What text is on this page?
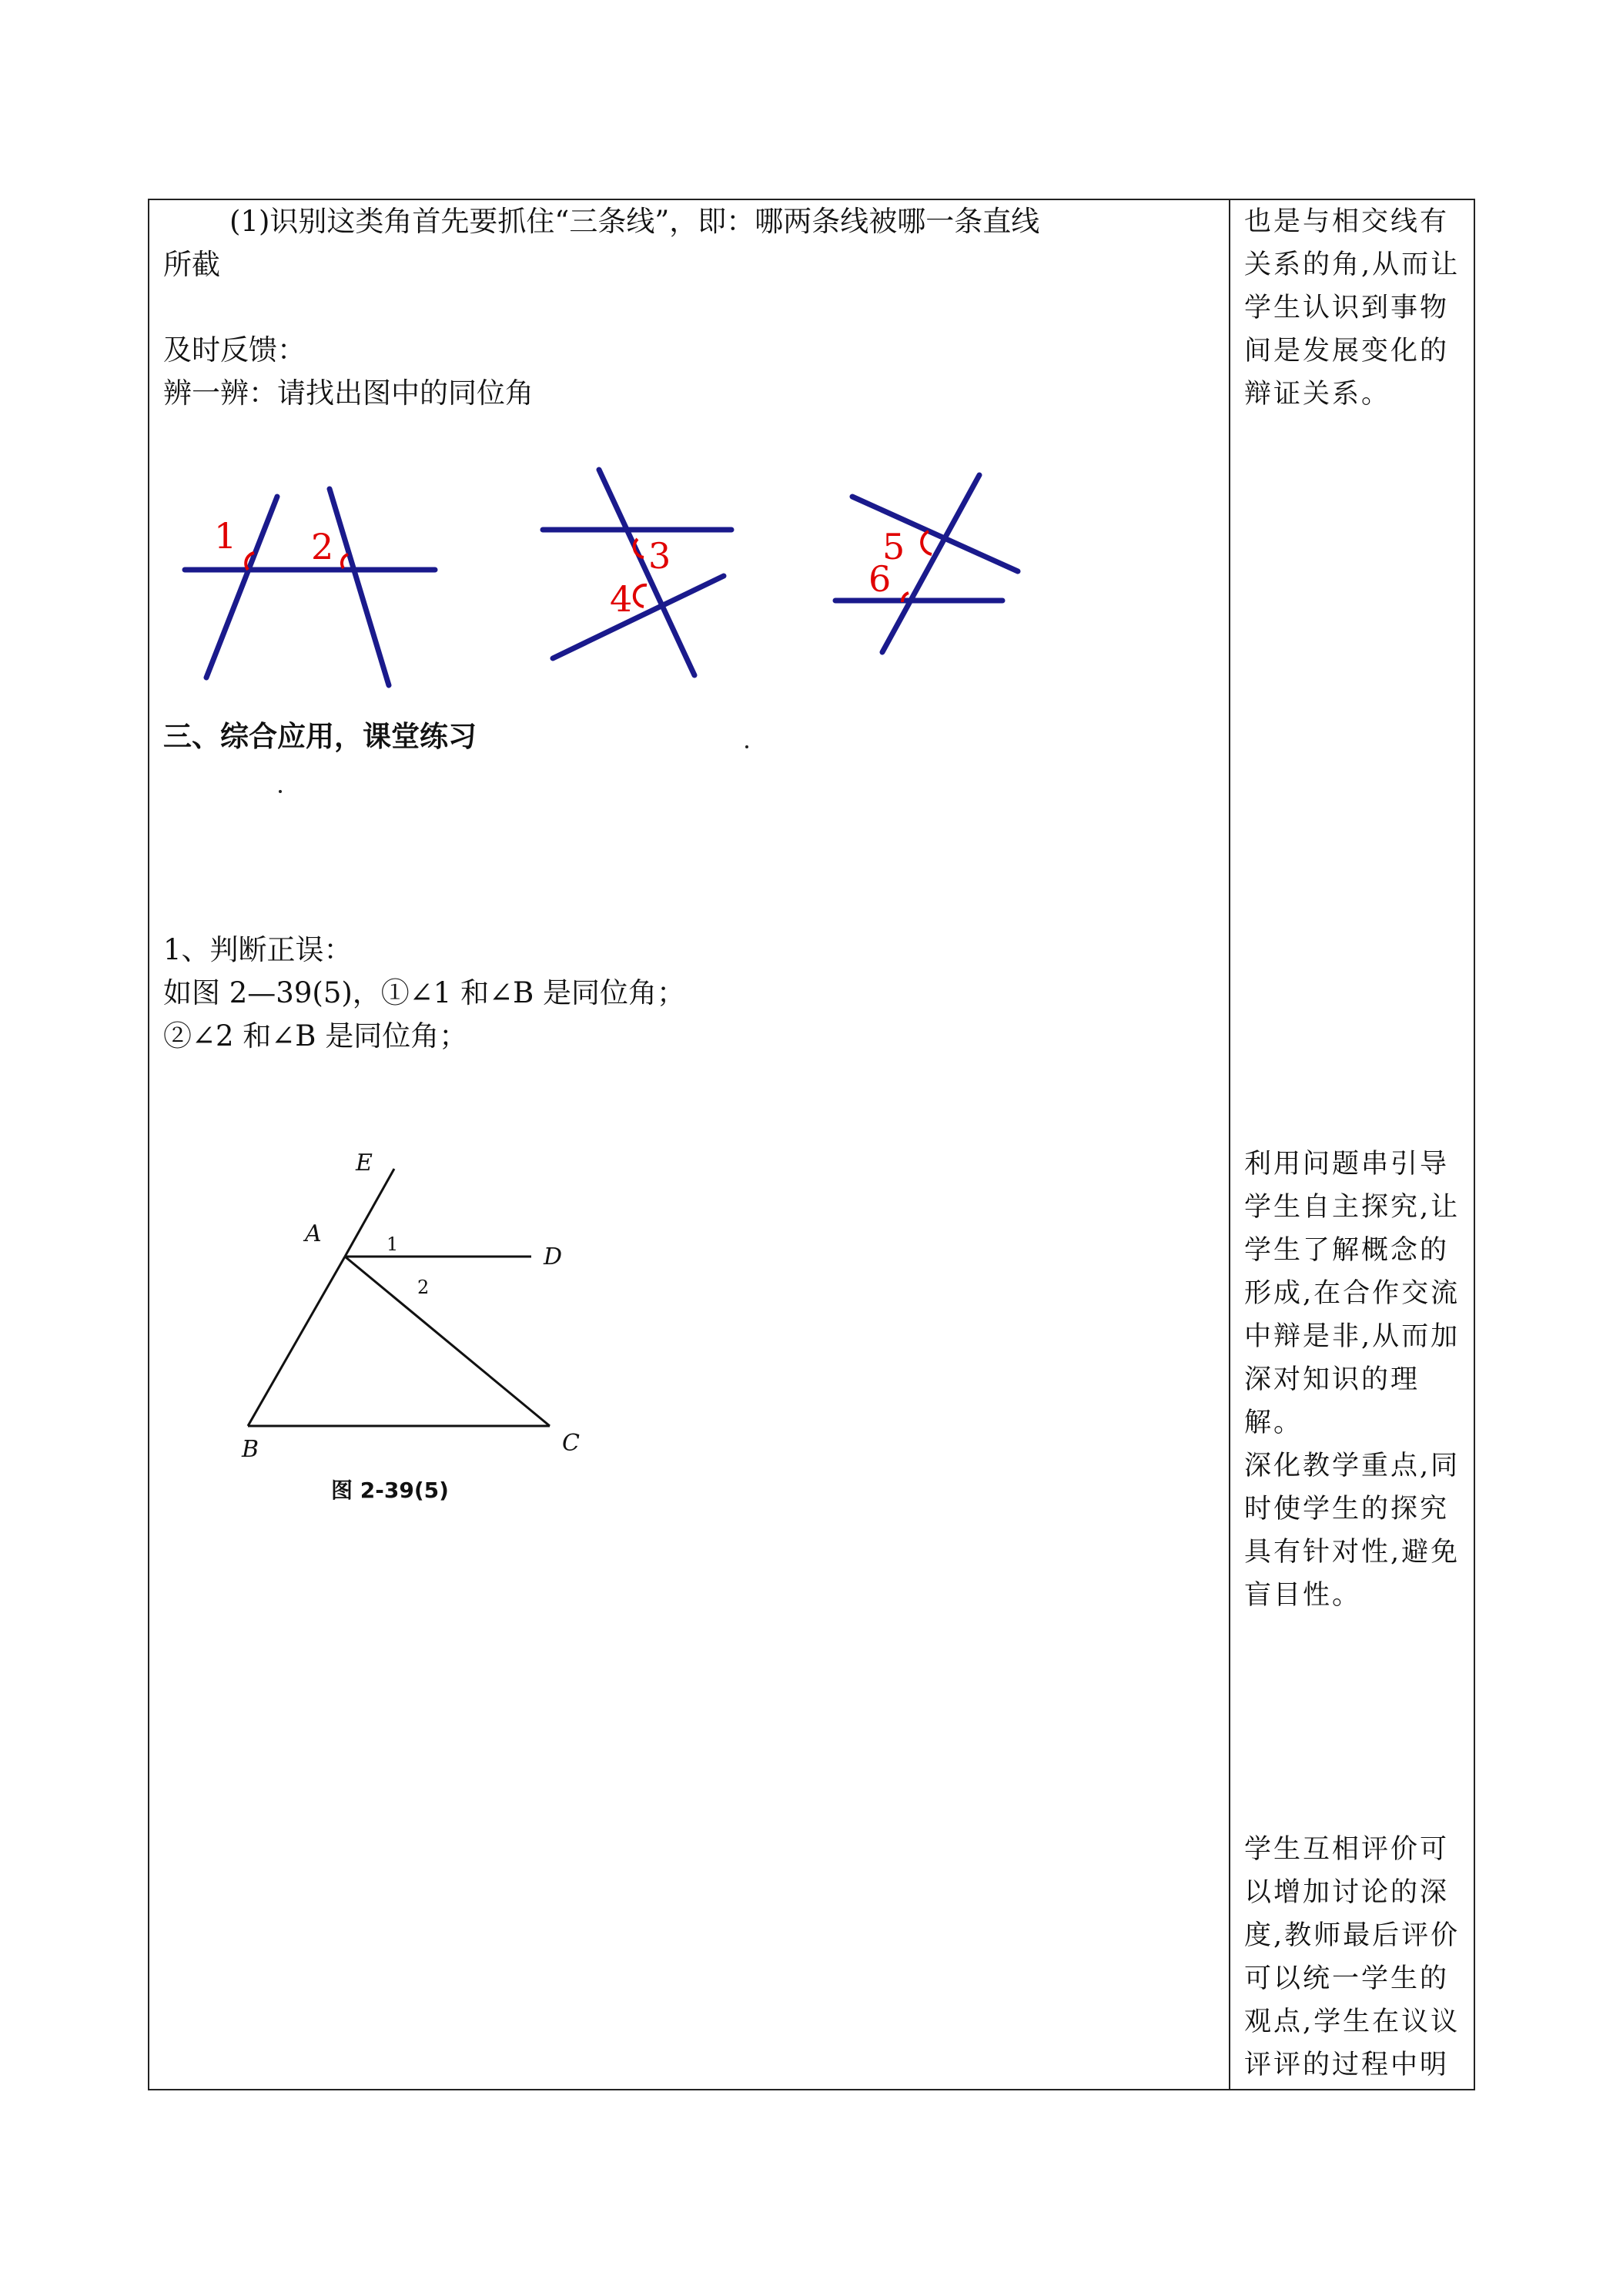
(1)识别这类角首先要抓住“三条线”，即：哪两条线被哪一条直线
所截
及时反馈：
辨一辨：请找出图中的同位角
1 2	3
4
5
6
三、综合应用，课堂练习
1、判断正误：
如图 2—39(5)，①∠1 和∠B 是同位角；
②∠2 和∠B 是同位角；
E
A
D
B	C
1
2
图 2-39(5)
也是与相交线有关系的角,从而让学生认识到事物间是发展变化的辩证关系。
利用问题串引导学生自主探究,让学生了解概念的形成,在合作交流中辩是非,从而加深对知识的理解。
深化教学重点,同时使学生的探究具有针对性,避免盲目性。
学生互相评价可以增加讨论的深度,教师最后评价可以统一学生的观点,学生在议议评评的过程中明
